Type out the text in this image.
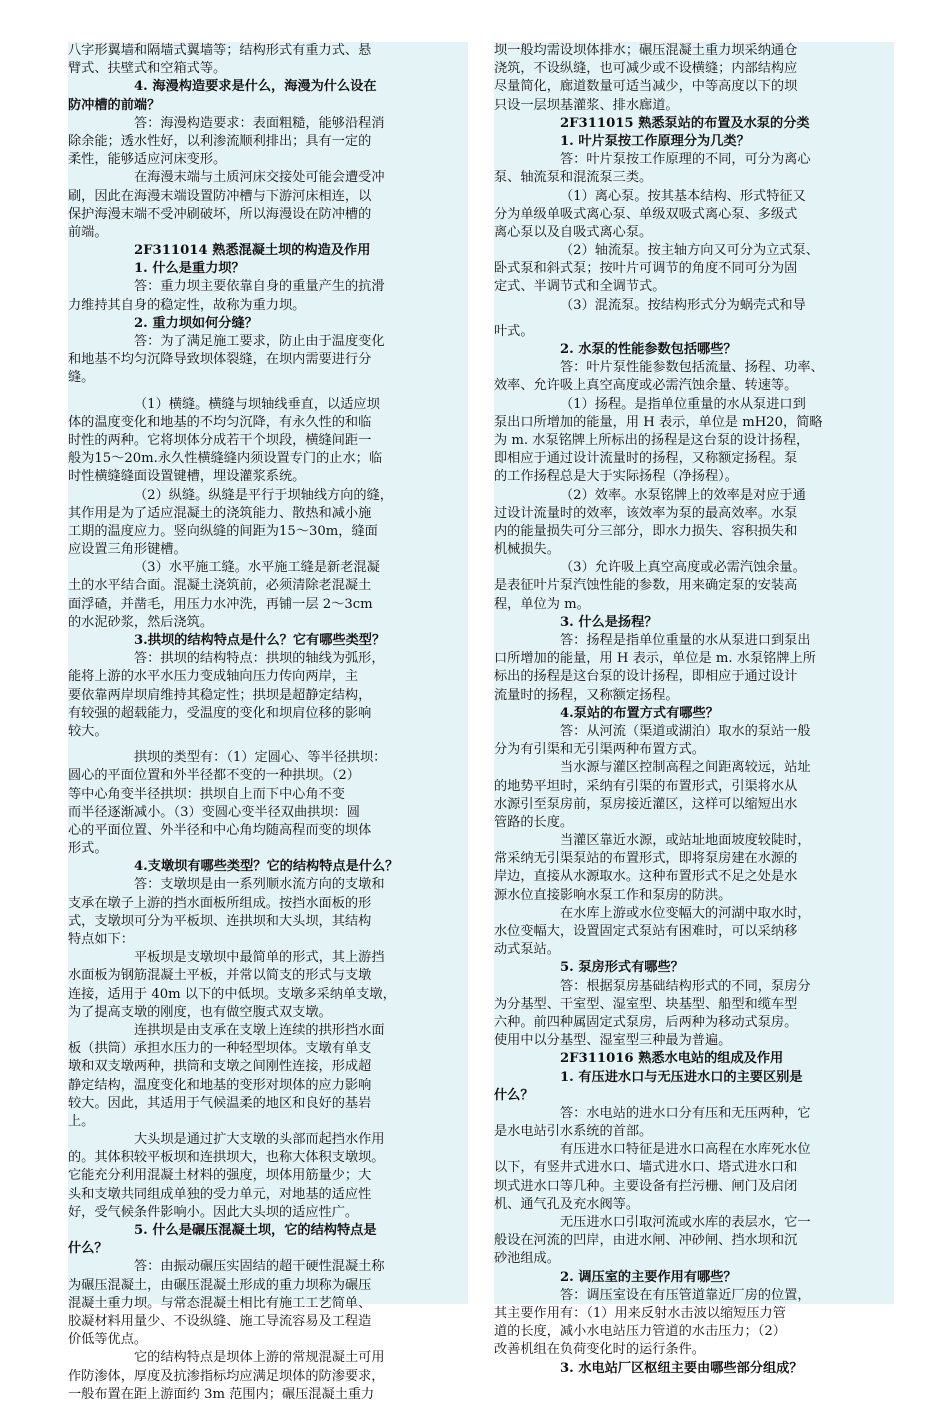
八字形翼墙和隔墙式翼墙等；结构形式有重力式、悬
臂式、扶壁式和空箱式等。
4. 海漫构造要求是什么，海漫为什么设在
防冲槽的前端？
答：海漫构造要求：表面粗糙，能够沿程消
除余能；透水性好，以利渗流顺利排出；具有一定的
柔性，能够适应河床变形。
在海漫末端与土质河床交接处可能会遭受冲
刷，因此在海漫末端设置防冲槽与下游河床相连，以
保护海漫末端不受冲刷破坏，所以海漫设在防冲槽的
前端。
2F311014 熟悉混凝土坝的构造及作用
1. 什么是重力坝？
答：重力坝主要依靠自身的重量产生的抗滑
力维持其自身的稳定性，故称为重力坝。
2. 重力坝如何分缝？
答：为了满足施工要求，防止由于温度变化
和地基不均匀沉降导致坝体裂缝，在坝内需要进行分
缝。
（1）横缝。横缝与坝轴线垂直，以适应坝
体的温度变化和地基的不均匀沉降，有永久性的和临
时性的两种。它将坝体分成若干个坝段，横缝间距一
般为15～20m.永久性横缝缝内须设置专门的止水；临
时性横缝缝面设置键槽，埋设灌浆系统。
（2）纵缝。纵缝是平行于坝轴线方向的缝，
其作用是为了适应混凝土的浇筑能力、散热和减小施
工期的温度应力。竖向纵缝的间距为15～30m，缝面
应设置三角形键槽。
（3）水平施工缝。水平施工缝是新老混凝
土的水平结合面。混凝土浇筑前，必须清除老混凝土
面浮碴，并凿毛，用压力水冲洗，再铺一层 2～3cm
的水泥砂浆，然后浇筑。
3.拱坝的结构特点是什么？它有哪些类型？
答：拱坝的结构特点：拱坝的轴线为弧形，
能将上游的水平水压力变成轴向压力传向两岸，主
要依靠两岸坝肩维持其稳定性；拱坝是超静定结构，
有较强的超载能力，受温度的变化和坝肩位移的影响
较大。
拱坝的类型有：（1）定圆心、等半径拱坝：
圆心的平面位置和外半径都不变的一种拱坝。（2）
等中心角变半径拱坝：拱坝自上而下中心角不变
而半径逐渐减小。（3）变圆心变半径双曲拱坝：圆
心的平面位置、外半径和中心角均随高程而变的坝体
形式。
4.支墩坝有哪些类型？它的结构特点是什么？
答：支墩坝是由一系列顺水流方向的支墩和
支承在墩子上游的挡水面板所组成。按挡水面板的形
式，支墩坝可分为平板坝、连拱坝和大头坝，其结构
特点如下：
平板坝是支墩坝中最简单的形式，其上游挡
水面板为钢筋混凝土平板，并常以简支的形式与支墩
连接，适用于 40m 以下的中低坝。支墩多采纳单支墩，
为了提高支墩的刚度，也有做空腹式双支墩。
连拱坝是由支承在支墩上连续的拱形挡水面
板（拱筒）承担水压力的一种轻型坝体。支墩有单支
墩和双支墩两种，拱筒和支墩之间刚性连接，形成超
静定结构，温度变化和地基的变形对坝体的应力影响
较大。因此，其适用于气候温柔的地区和良好的基岩
上。
大头坝是通过扩大支墩的头部而起挡水作用
的。其体积较平板坝和连拱坝大，也称大体积支墩坝。
它能充分利用混凝土材料的强度，坝体用筋量少；大
头和支墩共同组成单独的受力单元，对地基的适应性
好，受气候条件影响小。因此大头坝的适应性广。
5. 什么是碾压混凝土坝，它的结构特点是
什么？
答：由振动碾压实固结的超干硬性混凝土称
为碾压混凝土，由碾压混凝土形成的重力坝称为碾压
混凝土重力坝。与常态混凝土相比有施工工艺简单、
胶凝材料用量少、不设纵缝、施工导流容易及工程造
价低等优点。
它的结构特点是坝体上游的常规混凝土可用
作防渗体，厚度及抗渗指标均应满足坝体的防渗要求，
一般布置在距上游面约 3m 范围内；碾压混凝土重力
坝一般均需设坝体排水；碾压混凝土重力坝采纳通仓
浇筑，不设纵缝，也可减少或不设横缝；内部结构应
尽量简化，廊道数量可适当减少，中等高度以下的坝
只设一层坝基灌浆、排水廊道。
2F311015 熟悉泵站的布置及水泵的分类
1. 叶片泵按工作原理分为几类？
答：叶片泵按工作原理的不同，可分为离心
泵、轴流泵和混流泵三类。
（1）离心泵。按其基本结构、形式特征又
分为单级单吸式离心泵、单级双吸式离心泵、多级式
离心泵以及自吸式离心泵。
（2）轴流泵。按主轴方向又可分为立式泵、
卧式泵和斜式泵；按叶片可调节的角度不同可分为固
定式、半调节式和全调节式。
（3）混流泵。按结构形式分为蜗壳式和导
叶式。
2. 水泵的性能参数包括哪些？
答：叶片泵性能参数包括流量、扬程、功率、
效率、允许吸上真空高度或必需汽蚀余量、转速等。
（1）扬程。是指单位重量的水从泵进口到
泵出口所增加的能量，用 H 表示，单位是 mH20，简略
为 m. 水泵铭牌上所标出的扬程是这台泵的设计扬程，
即相应于通过设计流量时的扬程，又称额定扬程。泵
的工作扬程总是大于实际扬程（净扬程）。
（2）效率。水泵铭牌上的效率是对应于通
过设计流量时的效率，该效率为泵的最高效率。水泵
内的能量损失可分三部分，即水力损失、容积损失和
机械损失。
（3）允许吸上真空高度或必需汽蚀余量。
是表征叶片泵汽蚀性能的参数，用来确定泵的安装高
程，单位为 m。
3. 什么是扬程？
答：扬程是指单位重量的水从泵进口到泵出
口所增加的能量，用 H 表示，单位是 m. 水泵铭牌上所
标出的扬程是这台泵的设计扬程，即相应于通过设计
流量时的扬程，又称额定扬程。
4.泵站的布置方式有哪些？
答：从河流（渠道或湖泊）取水的泵站一般
分为有引渠和无引渠两种布置方式。
当水源与灌区控制高程之间距离较远，站址
的地势平坦时，采纳有引渠的布置形式，引渠将水从
水源引至泵房前，泵房接近灌区，这样可以缩短出水
管路的长度。
当灌区靠近水源，或站址地面坡度较陡时，
常采纳无引渠泵站的布置形式，即将泵房建在水源的
岸边，直接从水源取水。这种布置形式不足之处是水
源水位直接影响水泵工作和泵房的防洪。
在水库上游或水位变幅大的河湖中取水时，
水位变幅大，设置固定式泵站有困难时，可以采纳移
动式泵站。
5. 泵房形式有哪些？
答：根据泵房基础结构形式的不同，泵房分
为分基型、干室型、湿室型、块基型、船型和缆车型
六种。前四种属固定式泵房，后两种为移动式泵房。
使用中以分基型、湿室型三种最为普遍。
2F311016 熟悉水电站的组成及作用
1. 有压进水口与无压进水口的主要区别是
什么？
答：水电站的进水口分有压和无压两种，它
是水电站引水系统的首部。
有压进水口特征是进水口高程在水库死水位
以下，有竖井式进水口、墙式进水口、塔式进水口和
坝式进水口等几种。主要设备有拦污栅、闸门及启闭
机、通气孔及充水阀等。
无压进水口引取河流或水库的表层水，它一
般设在河流的凹岸，由进水闸、冲砂闸、挡水坝和沉
砂池组成。
2. 调压室的主要作用有哪些？
答：调压室设在有压管道靠近厂房的位置，
其主要作用有：（1）用来反射水击波以缩短压力管
道的长度，减小水电站压力管道的水击压力；（2）
改善机组在负荷变化时的运行条件。
3. 水电站厂区枢纽主要由哪些部分组成？
